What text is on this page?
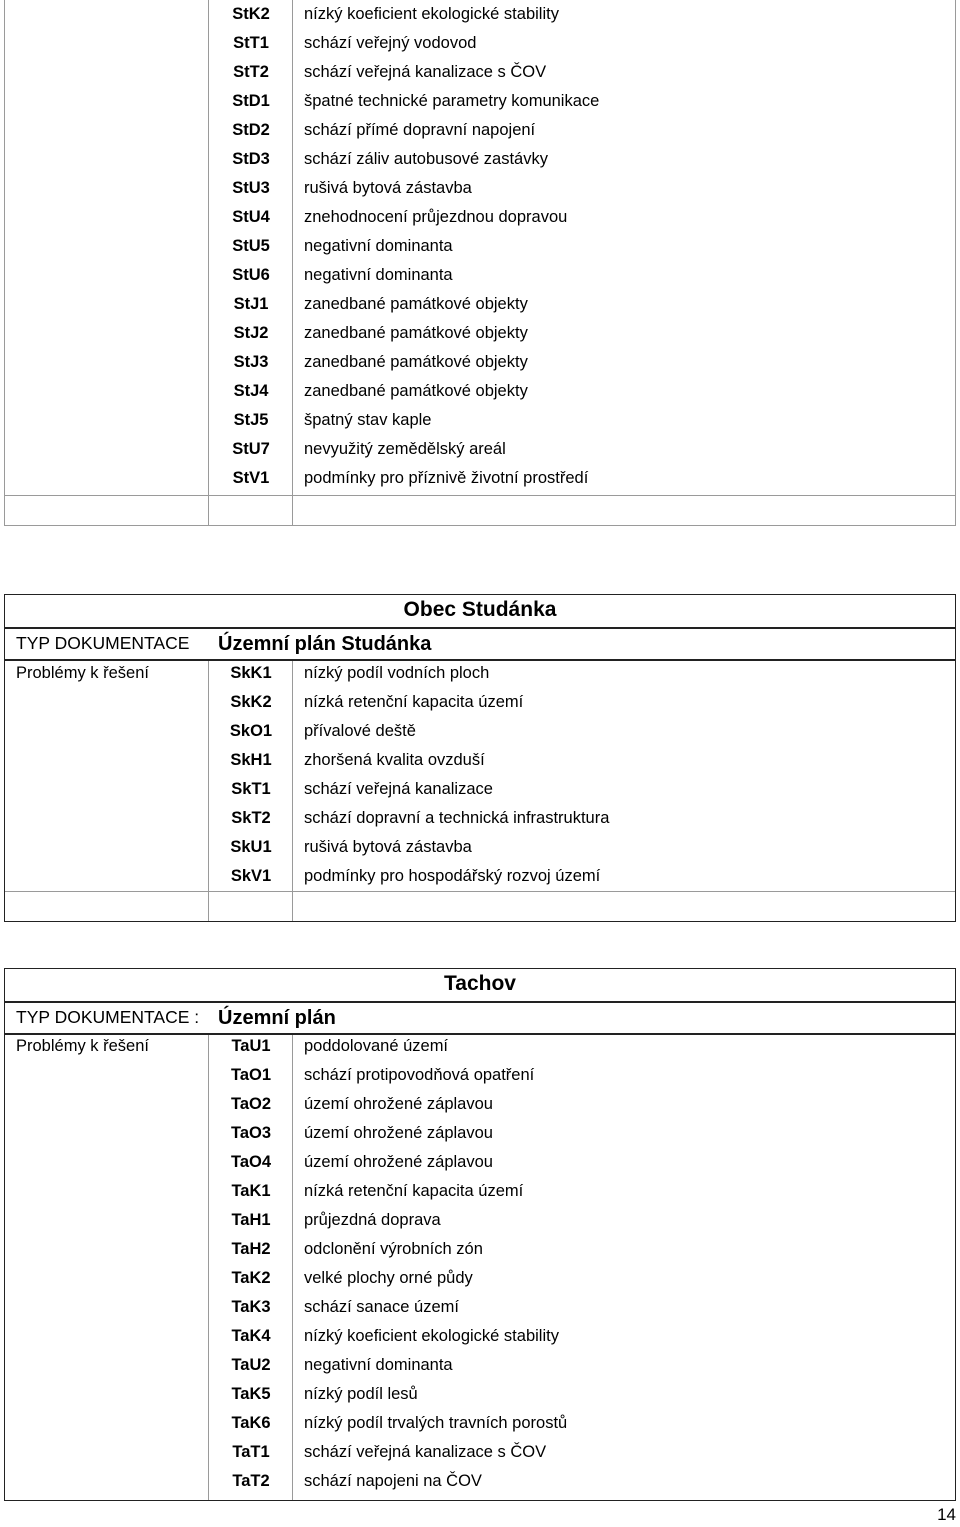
StK2	nízký koeficient ekologické stability
StT1	schází veřejný vodovod
StT2	schází veřejná kanalizace s ČOV
StD1	špatné technické parametry komunikace
StD2	schází přímé dopravní napojení
StD3	schází záliv autobusové zastávky
StU3	rušivá bytová zástavba
StU4	znehodnocení průjezdnou dopravou
StU5	negativní dominanta
StU6	negativní dominanta
StJ1	zanedbané památkové objekty
StJ2	zanedbané památkové objekty
StJ3	zanedbané památkové objekty
StJ4	zanedbané památkové objekty
StJ5	špatný stav kaple
StU7	nevyužitý zemědělský areál
StV1	podmínky pro příznivě životní prostředí
Obec Studánka
TYP DOKUMENTACE Územní plán Studánka
Problémy k řešení	SkK1	nízký podíl vodních ploch
SkK2	nízká retenční kapacita území
SkO1	přívalové deště
SkH1	zhoršená kvalita ovzduší
SkT1	schází veřejná kanalizace
SkT2	schází dopravní a technická infrastruktura
SkU1	rušivá bytová zástavba
SkV1	podmínky pro hospodářský rozvoj území
Tachov
TYP DOKUMENTACE : Územní plán
Problémy k řešení	TaU1	poddolované území
TaO1	schází protipovodňová opatření
TaO2	území ohrožené záplavou
TaO3	území ohrožené záplavou
TaO4	území ohrožené záplavou
TaK1	nízká retenční kapacita území
TaH1	průjezdná doprava
TaH2	odclonění výrobních zón
TaK2	velké plochy orné půdy
TaK3	schází sanace území
TaK4	nízký koeficient ekologické stability
TaU2	negativní dominanta
TaK5	nízký podíl lesů
TaK6	nízký podíl trvalých travních porostů
TaT1	schází veřejná kanalizace s ČOV
TaT2	schází napojeni na ČOV
14
